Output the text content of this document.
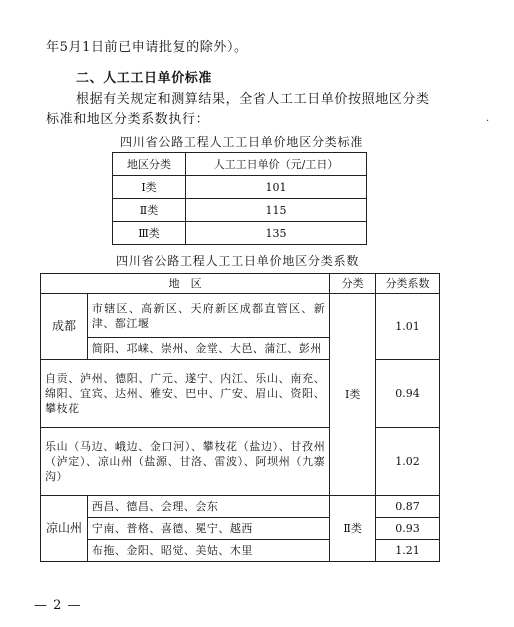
年5月1日前已申请批复的除外）。
二、人工工日单价标准
根据有关规定和测算结果，全省人工工日单价按照地区分类
标准和地区分类系数执行：	·
四川省公路工程人工工日单价地区分类标准
地区分类	人工工日单价（元/工日）
Ⅰ类	101
Ⅱ类	115
Ⅲ类	135
四川省公路工程人工工日单价地区分类系数
地　区		分类	分类系数
成都	市辖区、高新区、天府新区成都直管区、新津、都江堰	Ⅰ类	1.01
	简阳、邛崃、崇州、金堂、大邑、蒲江、彭州		
自贡、泸州、德阳、广元、遂宁、内江、乐山、南充、绵阳、宜宾、达州、雅安、巴中、广安、眉山、资阳、攀枝花			0.94
乐山（马边、峨边、金口河）、攀枝花（盐边）、甘孜州（泸定）、凉山州（盐源、甘洛、雷波）、阿坝州（九寨沟）			1.02
凉山州	西昌、德昌、会理、会东	Ⅱ类	0.87
	宁南、普格、喜德、冕宁、越西		0.93
	布拖、金阳、昭觉、美姑、木里		1.21
— 2 —
